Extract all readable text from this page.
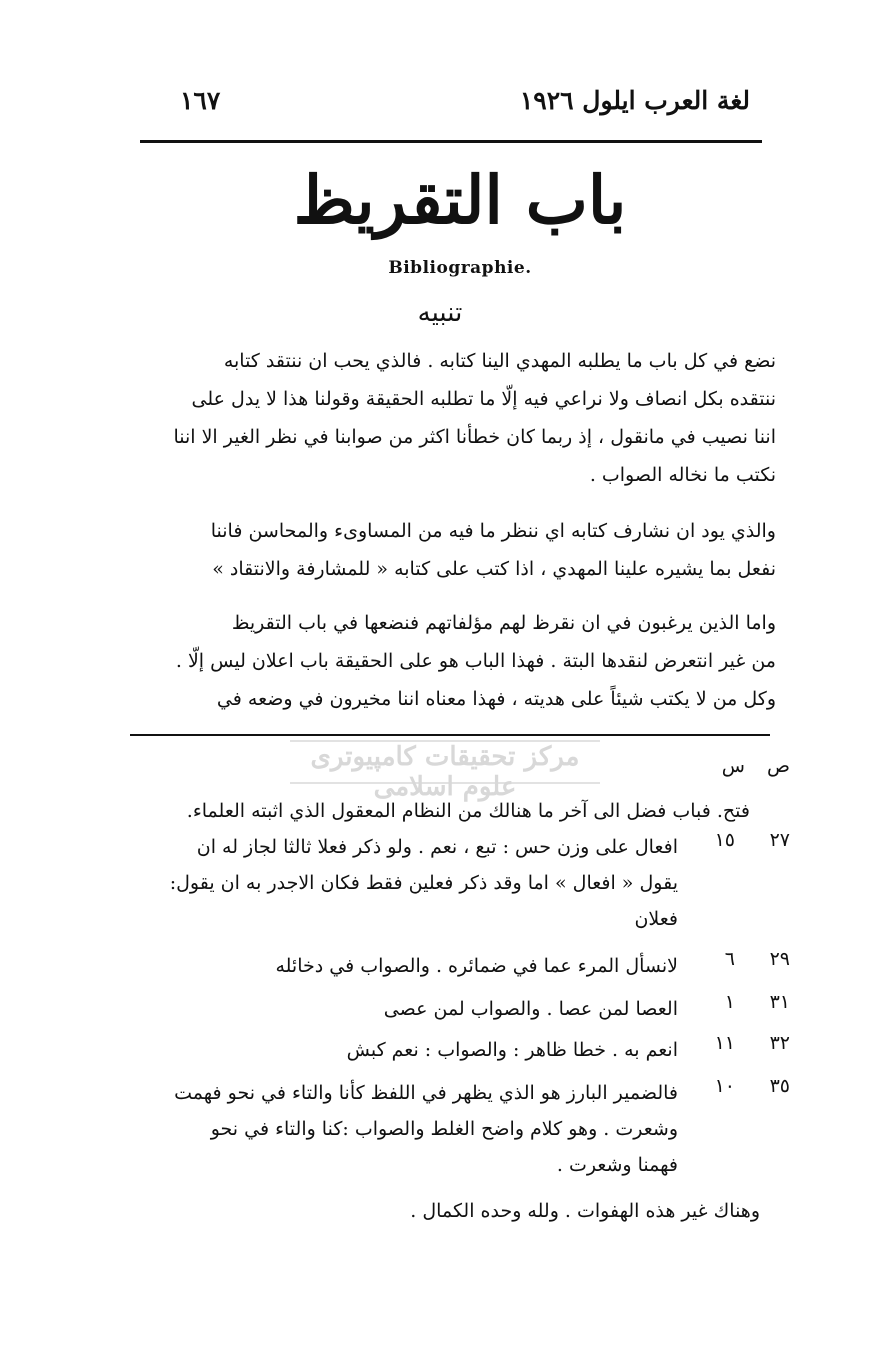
لغة العرب ايلول ١٩٢٦
١٦٧
باب التقريظ
Bibliographie.
تنبيه
نضع في كل باب ما يطلبه المهدي الينا كتابه . فالذي يحب ان ننتقد كتابه
ننتقده بكل انصاف ولا نراعي فيه إلّا ما تطلبه الحقيقة وقولنا هذا لا يدل على
اننا نصيب في مانقول ، إذ ربما كان خطأنا اكثر من صوابنا في نظر الغير الا اننا
نكتب ما نخاله الصواب .
والذي يود ان نشارف كتابه اي ننظر ما فيه من المساوىء والمحاسن فاننا
نفعل بما يشيره علينا المهدي ، اذا كتب على كتابه « للمشارفة والانتقاد »
واما الذين يرغبون في ان نقرظ لهم مؤلفاتهم فنضعها في باب التقريظ
من غير انتعرض لنقدها البتة . فهذا الباب هو على الحقيقة باب اعلان ليس إلّا .
وكل من لا يكتب شيئاً على هديته ، فهذا معناه اننا مخيرون في وضعه في
مرکز تحقیقات کامپیوتری علوم اسلامی
ص
س
فتح. فباب فضل الى آخر ما هنالك من النظام المعقول الذي اثبته العلماء.
٢٧
١٥
افعال على وزن حس : تبع ، نعم . ولو ذكر فعلا ثالثا لجاز له ان
يقول « افعال » اما وقد ذكر فعلين فقط فكان الاجدر به ان يقول:
فعلان
٢٩
٦
لانسأل المرء عما في ضمائره . والصواب في دخائله
٣١
١
العصا لمن عصا . والصواب لمن عصى
٣٢
١١
انعم به . خطا ظاهر : والصواب : نعم كبش
٣٥
١٠
فالضمير البارز هو الذي يظهر في اللفظ كأنا والتاء في نحو فهمت
وشعرت . وهو كلام واضح الغلط والصواب :كنا والتاء في نحو
فهمنا وشعرت .
وهناك غير هذه الهفوات . ولله وحده الكمال .
